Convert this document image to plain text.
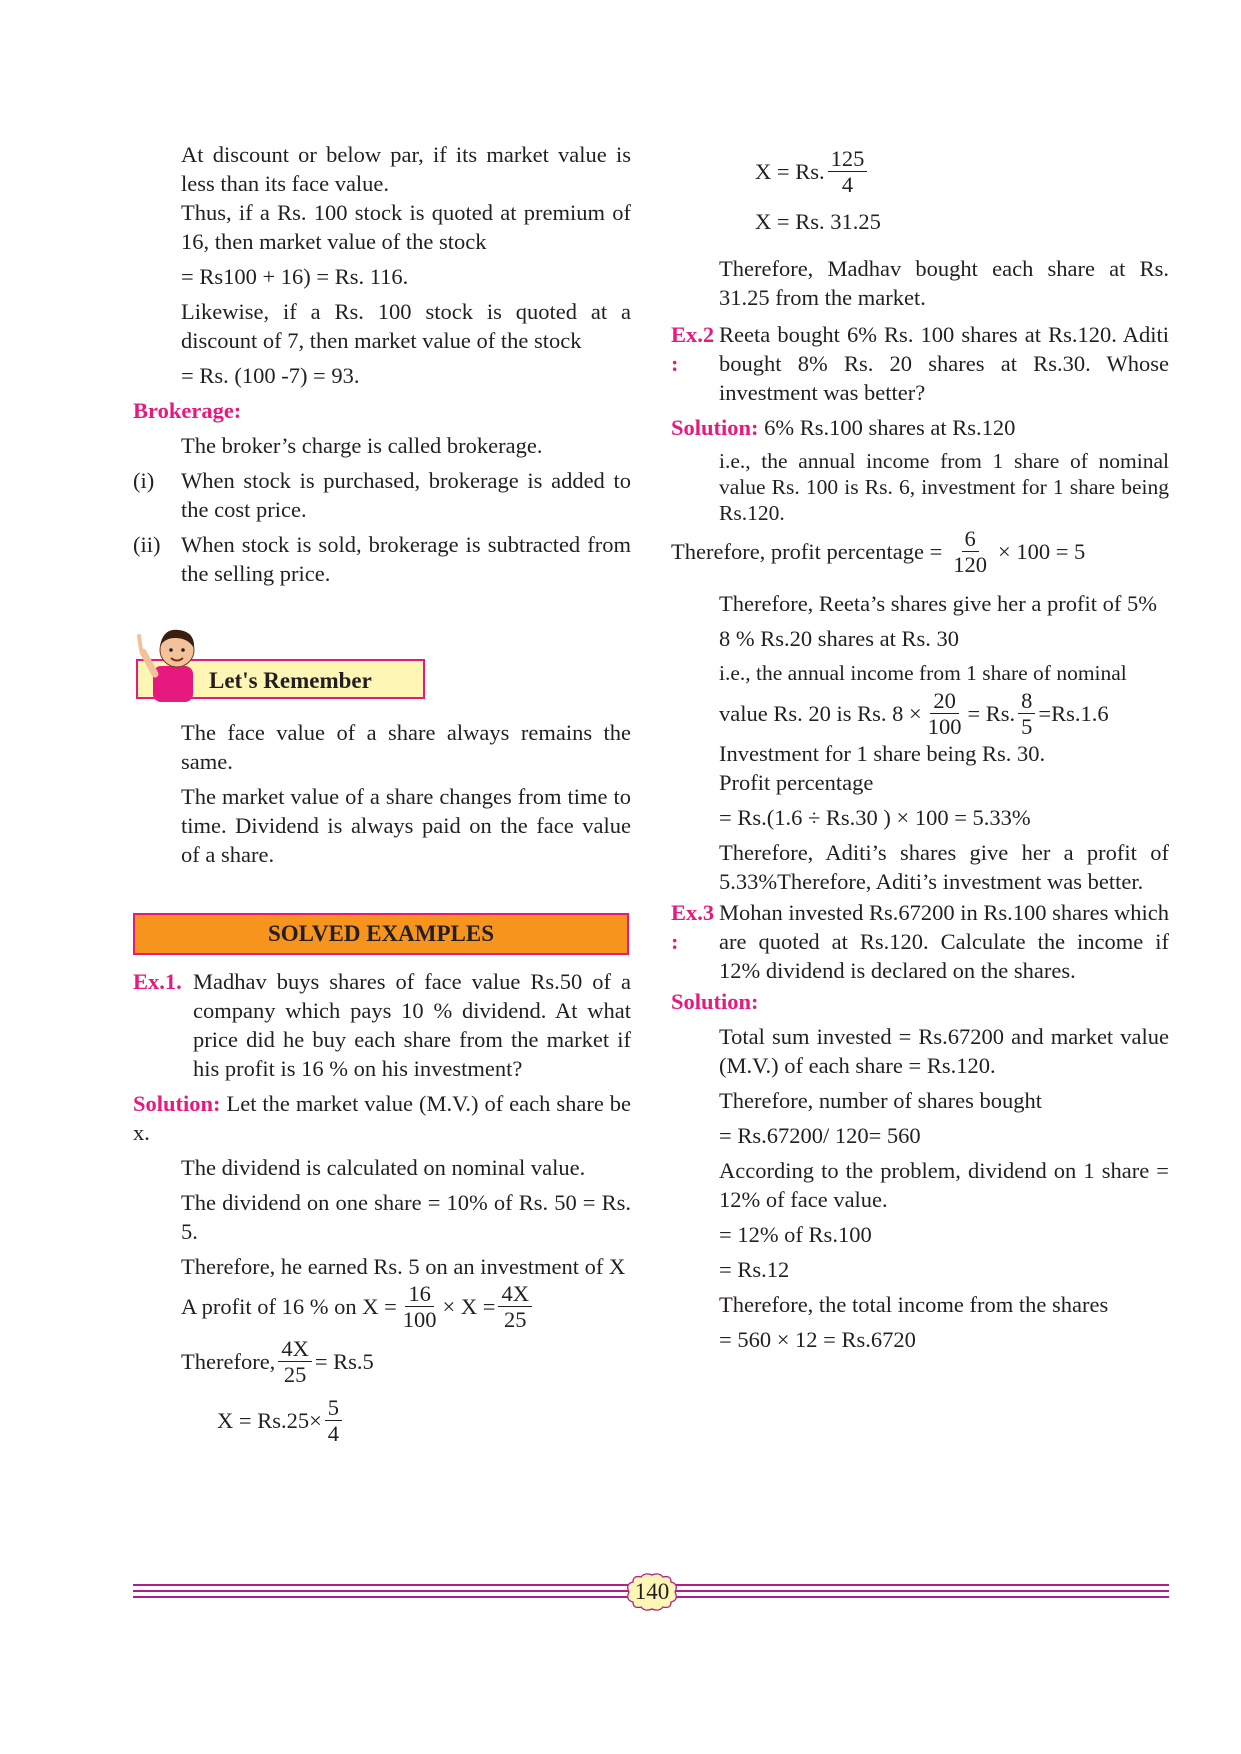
At discount or below par, if its market value is less than its face value.

Thus, if a Rs. 100 stock is quoted at premium of 16, then market value of the stock

= Rs100 + 16) = Rs. 116.

Likewise, if a Rs. 100 stock is quoted at a discount of 7, then market value of the stock

= Rs. (100 -7) = 93.

Brokerage:

The broker’s charge is called brokerage.

(i)	When stock is purchased, brokerage is added to the cost price.
(ii) When stock is sold, brokerage is subtracted from the selling price.
Let's Remember

The face value of a share always remains the same.

The market value of a share changes from time to time. Dividend is always paid on the face value of a share.

SOLVED EXAMPLES
Ex.1. Madhav buys shares of face value Rs.50 of a company which pays 10 % dividend. At what price did he buy each share from the market if his profit is 16 % on his investment?

Solution: Let the market value (M.V.) of each share be x.

The dividend is calculated on nominal value.

The dividend on one share = 10% of Rs. 50 = Rs. 5.

Therefore, he earned Rs. 5 on an investment of X

A profit of 16 % on $X = \frac{16}{100} \times X = \frac{4X}{25}$
Therefore, $\frac{4X}{25} = Rs.5$
$X = Rs.25\times \frac{5}{4}$
X = Rs. $\frac{125}{4}$

X = Rs. 31.25

Therefore, Madhav bought each share at Rs. 31.25 from the market.

Ex.2 :
Reeta bought 6% Rs. 100 shares at Rs.120. Aditi bought 8% Rs. 20 shares at Rs.30. Whose investment was better?

Solution: 6% Rs.100 shares at Rs.120

i.e., the annual income from 1 share of nominal value Rs. 100 is Rs. 6, investment for 1 share being Rs.120.

Therefore, profit percentage = $\frac{6}{120} \times 100 = 5$

Therefore, Reeta’s shares give her a profit of 5%

8 % Rs.20 shares at Rs. 30

i.e., the annual income from 1 share of nominal

value Rs. 20 is Rs. $8 \times \frac{20}{100} = Rs$. $\frac{8}{5} =Rs.1.6$

Investment for 1 share being Rs. 30.

Profit percentage

= Rs.(1.6 ÷ Rs.30 ) × 100 = 5.33%

Therefore, Aditi’s shares give her a profit of 5.33%Therefore, Aditi’s investment was better.

Ex.3 :
Mohan invested Rs.67200 in Rs.100 shares which are quoted at Rs.120. Calculate the income if 12% dividend is declared on the shares.

Solution:

Total sum invested = Rs.67200 and market value (M.V.) of each share = Rs.120.

Therefore, number of shares bought

= Rs.67200/ 120= 560

According to the problem, dividend on 1 share = 12% of face value.

= 12% of Rs.100

= Rs.12

Therefore, the total income from the shares

= 560 × 12 = Rs.6720

140
